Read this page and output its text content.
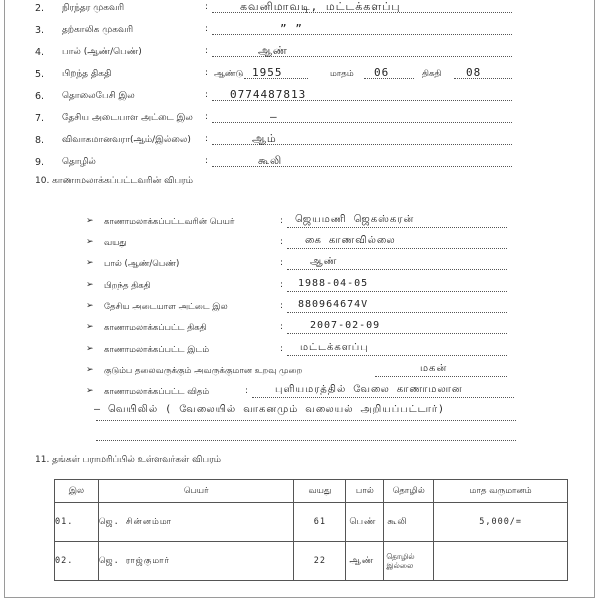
2. நிரந்தர முகவரி	:	கவனிமாவடி, மட்டக்களப்பு
3. தற்காலிக முகவரி	:	” ”
4. பால் (ஆண்/பெண்)	:	ஆண்
5. பிறந்த திகதி	: ஆண்டு 1955	மாதம் 06	திகதி 08
6. தொலைபேசி இல	: 0774487813
7. தேசிய அடையாள அட்டை இல :	—
8. விவாகமானவரா(ஆம்/இல்லை) :	ஆம்
9. தொழில்	:	கூலி
10. காணாமலாக்கப்பட்டவரின் விபரம்
➢ காணாமலாக்கப்பட்டவரின் பெயர்	: ஜெயமணி ஜெகஸ்கரன்
➢ வயது	: கை காணவில்லை
➢ பால் (ஆண்/பெண்)	:	ஆண்
➢ பிறந்த திகதி	: 1988-04-05
➢ தேசிய அடையாள அட்டை இல	: 880964674V
➢ காணாமலாக்கப்பட்ட திகதி	:	2007-02-09
➢ காணாமலாக்கப்பட்ட இடம்	: மட்டக்களப்பு
➢ குடும்ப தலைவருக்கும் அவருக்குமான உறவு முறை	மகன்
➢ காணாமலாக்கப்பட்ட விதம்	:	புளியமரத்தில் வேலை காணாமலான
– வெயிலில் ( வேலையில் வாகனமும் வலையல் அறியப்பட்டார்)
11. தங்கள் பராமரிப்பில் உள்ளவர்கள் விபரம்
இல	பெயர்	வயது	பால்	தொழில்	மாத வருமானம்
01.	ஜெ. சின்னம்மா	61	பெண்	கூலி	5,000/=
02.	ஜெ. ராஜ்குமார்	22	ஆண்	தொழில் இல்லை	
